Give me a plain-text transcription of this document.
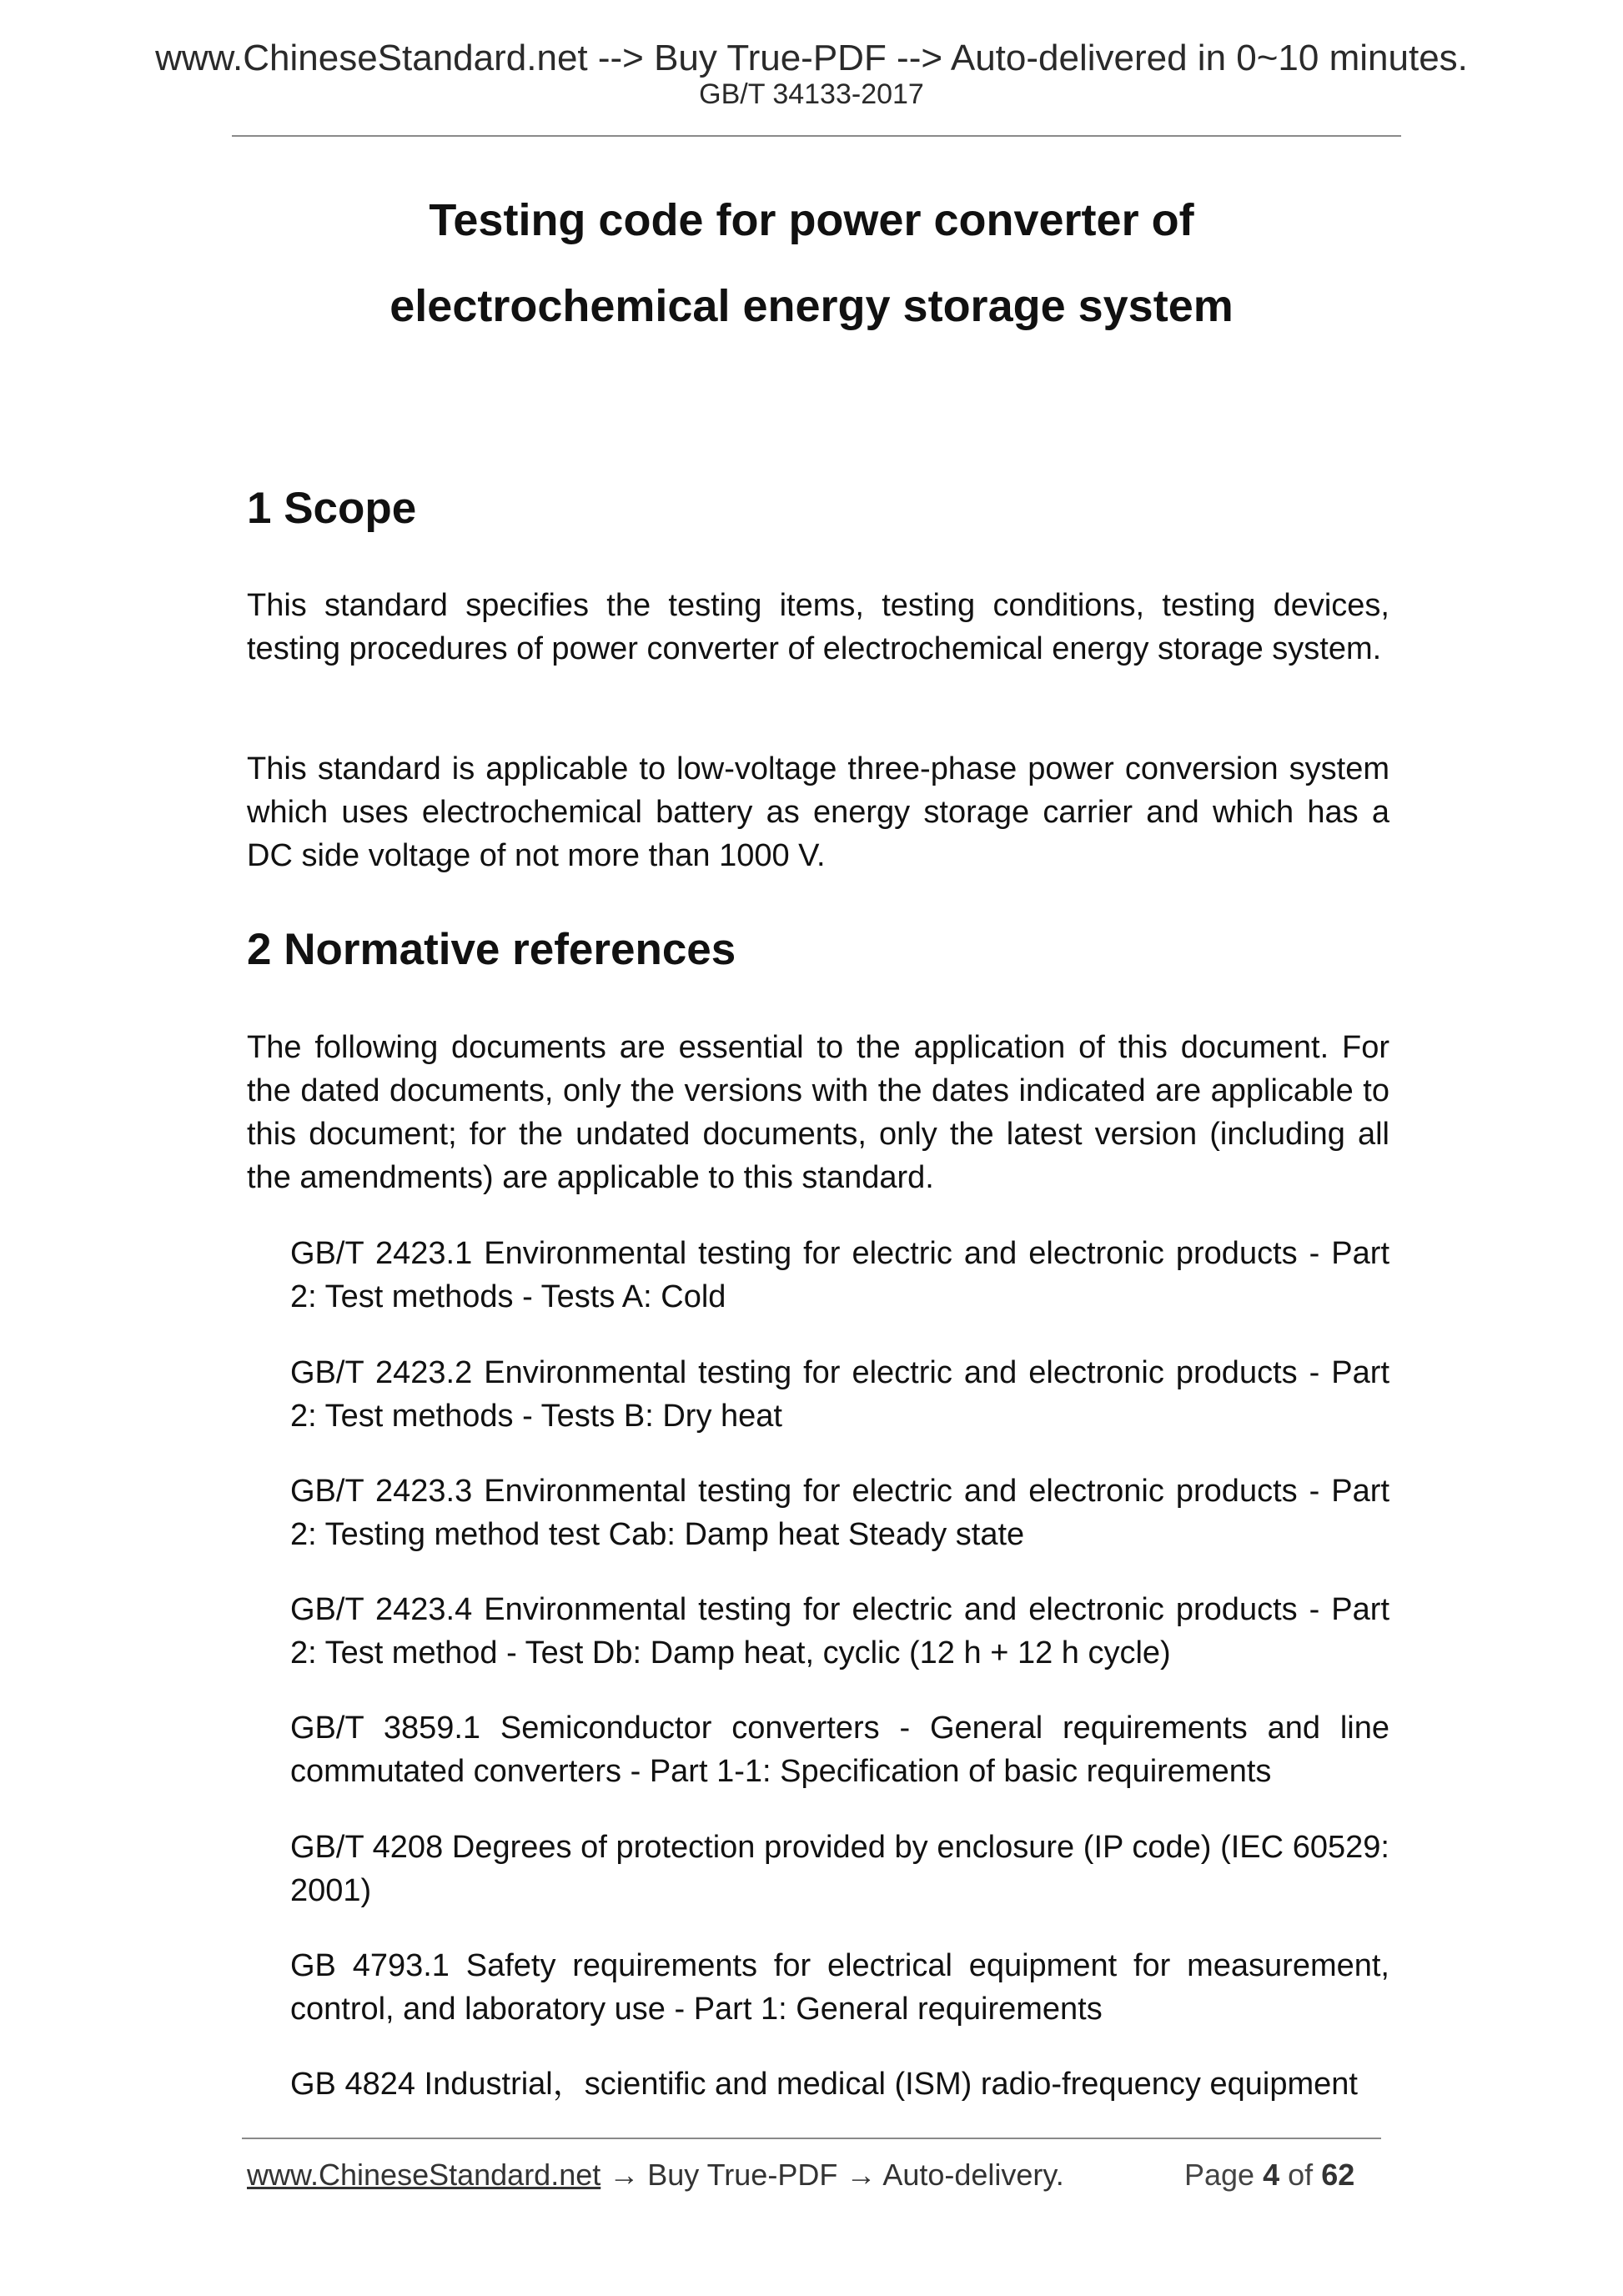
www.ChineseStandard.net --> Buy True-PDF --> Auto-delivered in 0~10 minutes.
GB/T 34133-2017
Testing code for power converter of
electrochemical energy storage system
1 Scope

This standard specifies the testing items, testing conditions, testing devices, testing procedures of power converter of electrochemical energy storage system.

This standard is applicable to low-voltage three-phase power conversion system which uses electrochemical battery as energy storage carrier and which has a DC side voltage of not more than 1000 V.

2 Normative references

The following documents are essential to the application of this document. For the dated documents, only the versions with the dates indicated are applicable to this document; for the undated documents, only the latest version (including all the amendments) are applicable to this standard.

GB/T 2423.1 Environmental testing for electric and electronic products - Part 2: Test methods - Tests A: Cold

GB/T 2423.2 Environmental testing for electric and electronic products - Part 2: Test methods - Tests B: Dry heat

GB/T 2423.3 Environmental testing for electric and electronic products - Part 2: Testing method test Cab: Damp heat Steady state

GB/T 2423.4 Environmental testing for electric and electronic products - Part 2: Test method - Test Db: Damp heat, cyclic (12 h + 12 h cycle)

GB/T 3859.1 Semiconductor converters - General requirements and line commutated converters - Part 1-1: Specification of basic requirements

GB/T 4208 Degrees of protection provided by enclosure (IP code) (IEC 60529: 2001)

GB 4793.1 Safety requirements for electrical equipment for measurement, control, and laboratory use - Part 1: General requirements

GB 4824 Industrial，scientific and medical (ISM) radio-frequency equipment

www.ChineseStandard.net → Buy True-PDF → Auto-delivery.	Page 4 of 62
